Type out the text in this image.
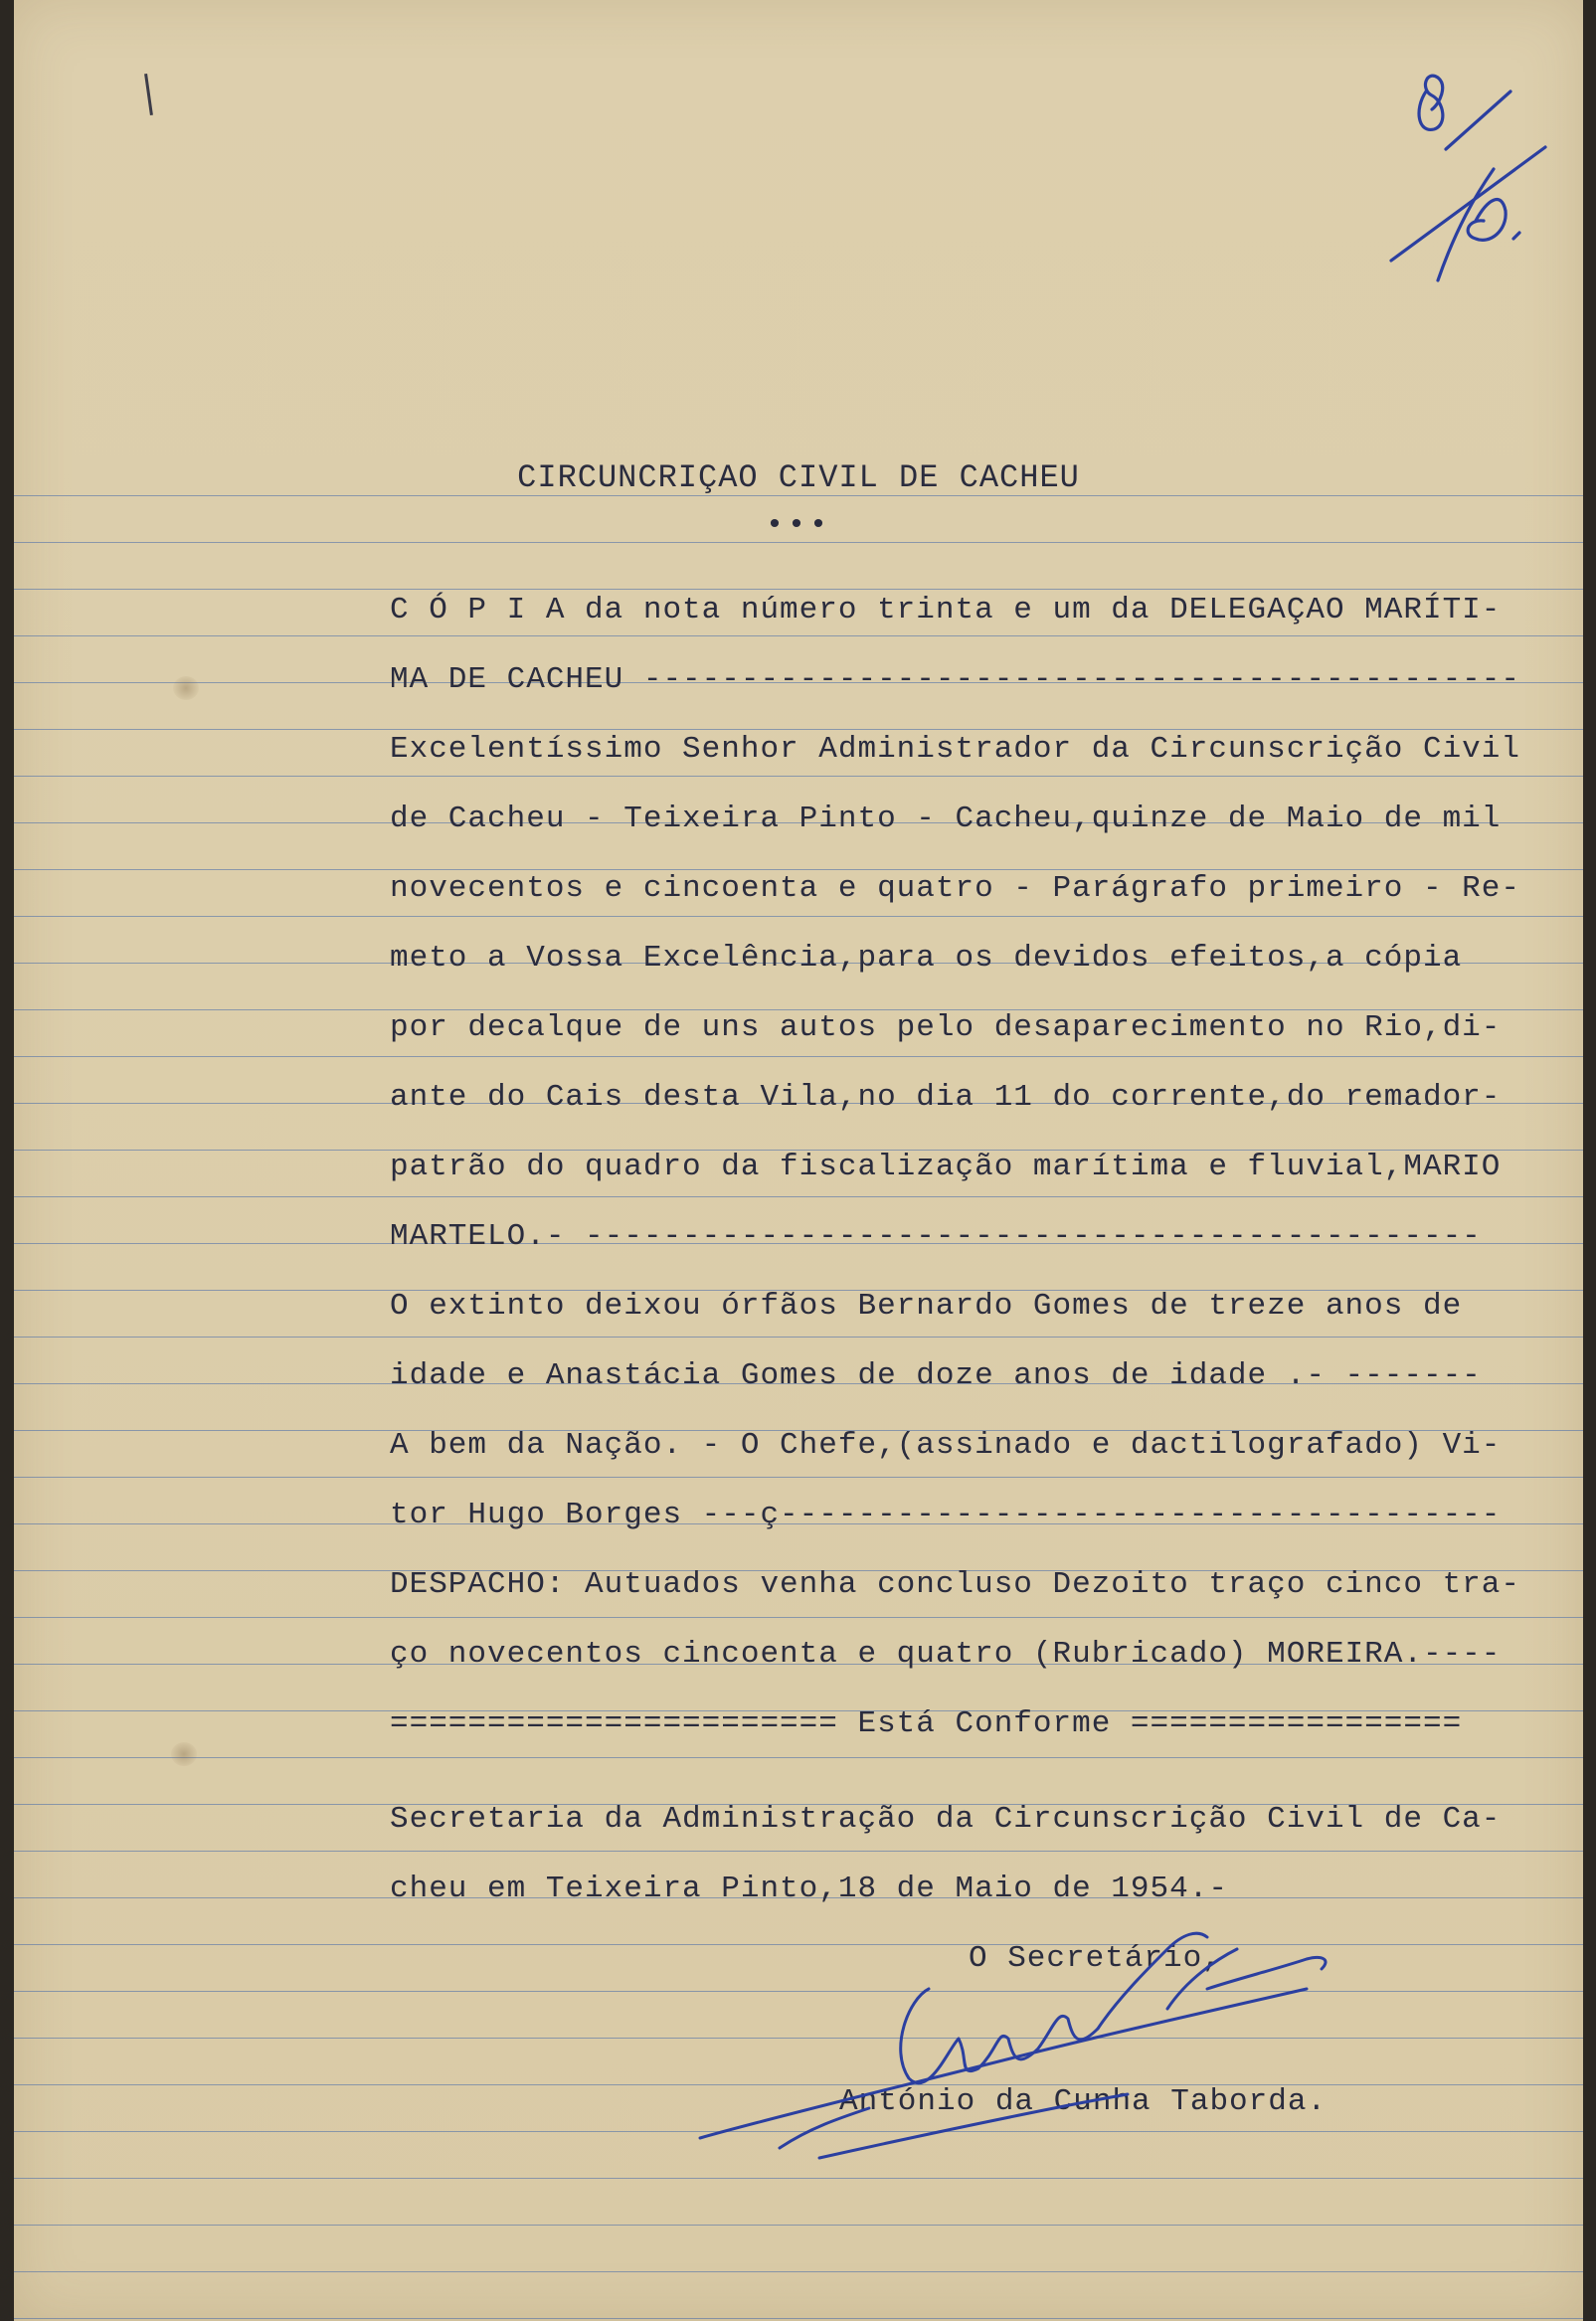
CIRCUNCRIÇAO CIVIL DE CACHEU
•••
C Ó P I A da nota número trinta e um da DELEGAÇAO MARÍTI-
MA DE CACHEU ---------------------------------------------
Excelentíssimo Senhor Administrador da Circunscrição Civil
de Cacheu - Teixeira Pinto - Cacheu,quinze de Maio de mil
novecentos e cincoenta e quatro - Parágrafo primeiro - Re-
meto a Vossa Excelência,para os devidos efeitos,a cópia
por decalque de uns autos pelo desaparecimento no Rio,di-
ante do Cais desta Vila,no dia 11 do corrente,do remador-
patrão do quadro da fiscalização marítima e fluvial,MARIO
MARTELO.- ----------------------------------------------
O extinto deixou órfãos Bernardo Gomes de treze anos de
idade e Anastácia Gomes de doze anos de idade .- -------
A bem da Nação. - O Chefe,(assinado e dactilografado) Vi-
tor Hugo Borges ---ç-------------------------------------
DESPACHO: Autuados venha concluso Dezoito traço cinco tra-
ço novecentos cincoenta e quatro (Rubricado) MOREIRA.----
======================= Está Conforme =================
Secretaria da Administração da Circunscrição Civil de Ca-
cheu em Teixeira Pinto,18 de Maio de 1954.-
O Secretário,
António da Cunha Taborda.
